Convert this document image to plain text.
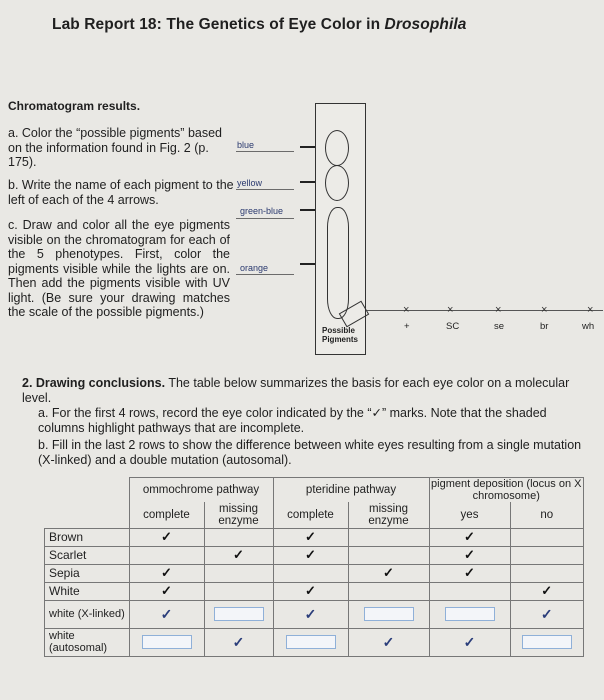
Lab Report 18: The Genetics of Eye Color in Drosophila
Chromatogram results.
a. Color the “possible pigments” based on the information found in Fig. 2 (p. 175).
b. Write the name of each pigment to the left of each of the 4 arrows.
c. Draw and color all the eye pigments visible on the chromatogram for each of the 5 phenotypes. First, color the pigments visible while the lights are on. Then add the pigments visible with UV light. (Be sure your drawing matches the scale of the possible pigments.)
blue
yellow
green-blue
orange
Possible Pigments
×	×	×	×	×
+	SC	se	br	wh
2. Drawing conclusions. The table below summarizes the basis for each eye color on a molecular level.
a. For the first 4 rows, record the eye color indicated by the “✓” marks. Note that the shaded columns highlight pathways that are incomplete.
b. Fill in the last 2 rows to show the difference between white eyes resulting from a single mutation (X-linked) and a double mutation (autosomal).
	ommochrome pathway		pteridine pathway		pigment deposition (locus on X chromosome)	
	complete	missing enzyme	complete	missing enzyme	yes	no
Brown	✓		✓		✓	
Scarlet		✓	✓		✓	
Sepia	✓			✓	✓	
White	✓		✓			✓
white (X-linked)	✓		✓			✓
white (autosomal)		✓		✓	✓	
